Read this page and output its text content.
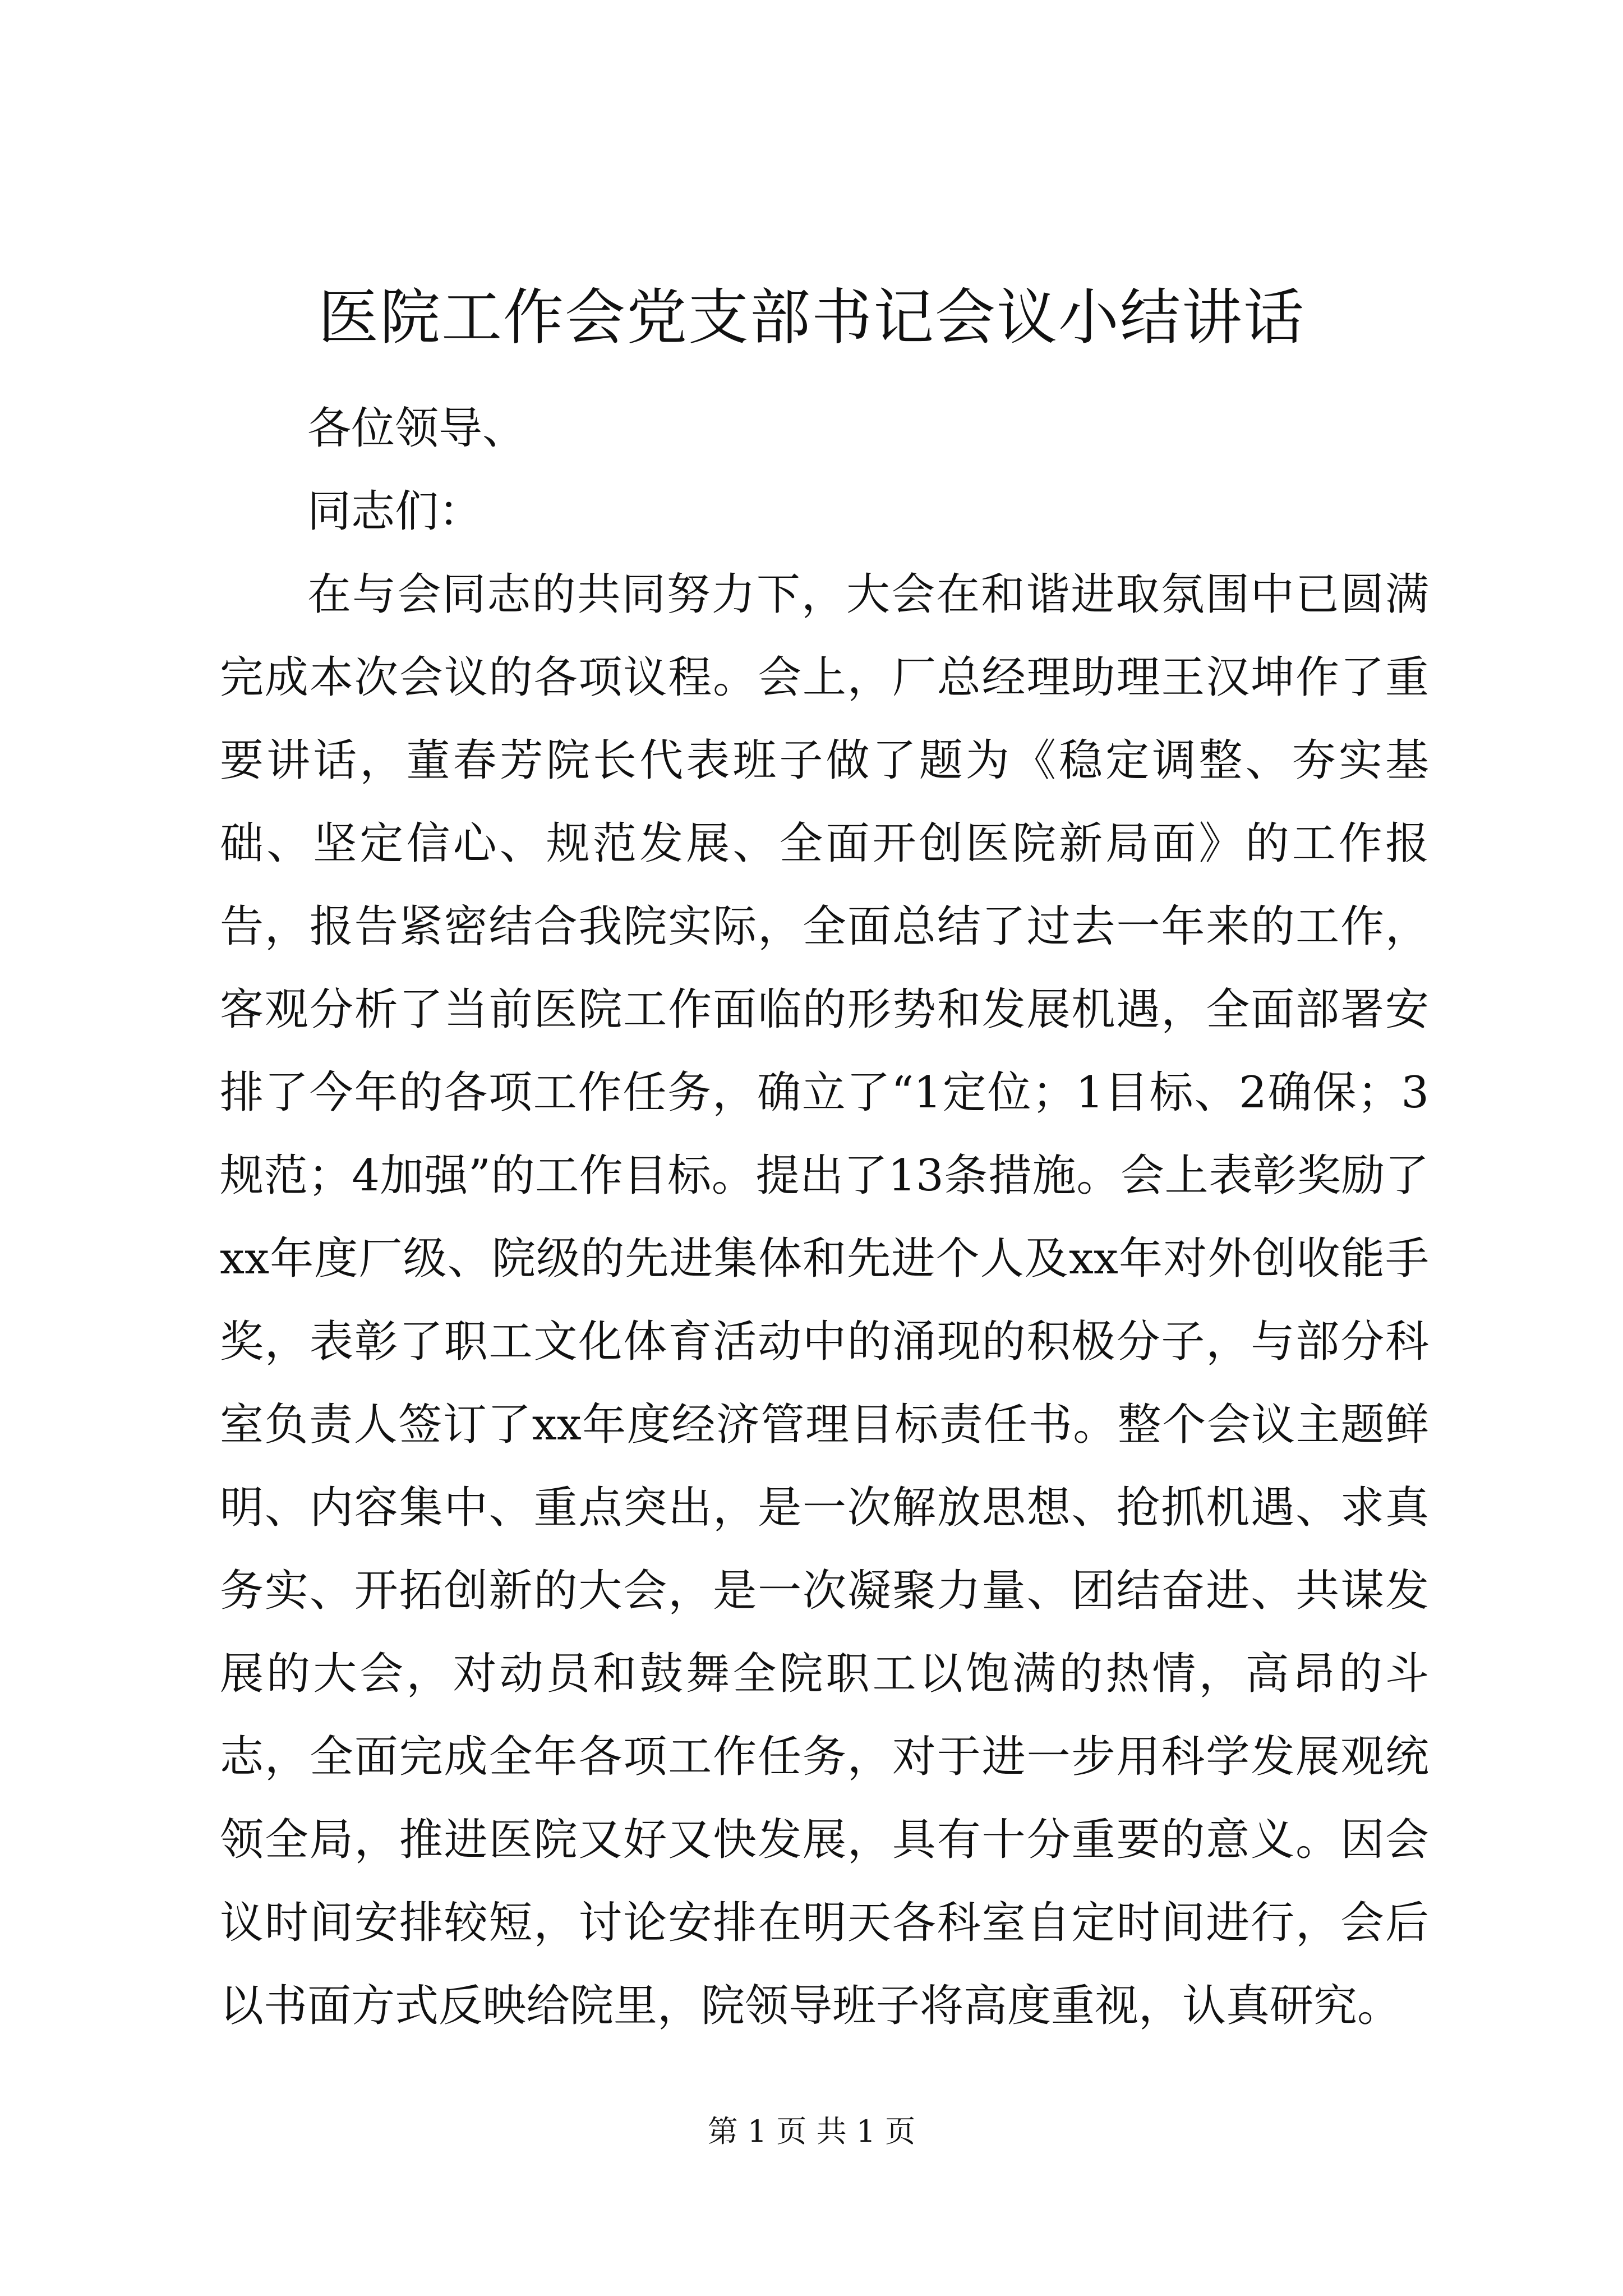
医院工作会党支部书记会议小结讲话

各位领导、

同志们：

在与会同志的共同努力下，大会在和谐进取氛围中已圆满完成本次会议的各项议程。会上，厂总经理助理王汉坤作了重要讲话，董春芳院长代表班子做了题为《稳定调整、夯实基础、坚定信心、规范发展、全面开创医院新局面》的工作报告，报告紧密结合我院实际，全面总结了过去一年来的工作，客观分析了当前医院工作面临的形势和发展机遇，全面部署安排了今年的各项工作任务，确立了“1定位；1目标、2确保；3规范；4加强”的工作目标。提出了13条措施。会上表彰奖励了xx年度厂级、院级的先进集体和先进个人及xx年对外创收能手奖，表彰了职工文化体育活动中的涌现的积极分子，与部分科室负责人签订了xx年度经济管理目标责任书。整个会议主题鲜明、内容集中、重点突出，是一次解放思想、抢抓机遇、求真务实、开拓创新的大会，是一次凝聚力量、团结奋进、共谋发展的大会，对动员和鼓舞全院职工以饱满的热情，高昂的斗志，全面完成全年各项工作任务，对于进一步用科学发展观统领全局，推进医院又好又快发展，具有十分重要的意义。因会议时间安排较短，讨论安排在明天各科室自定时间进行，会后以书面方式反映给院里，院领导班子将高度重视，认真研究。

第 1 页 共 1 页
